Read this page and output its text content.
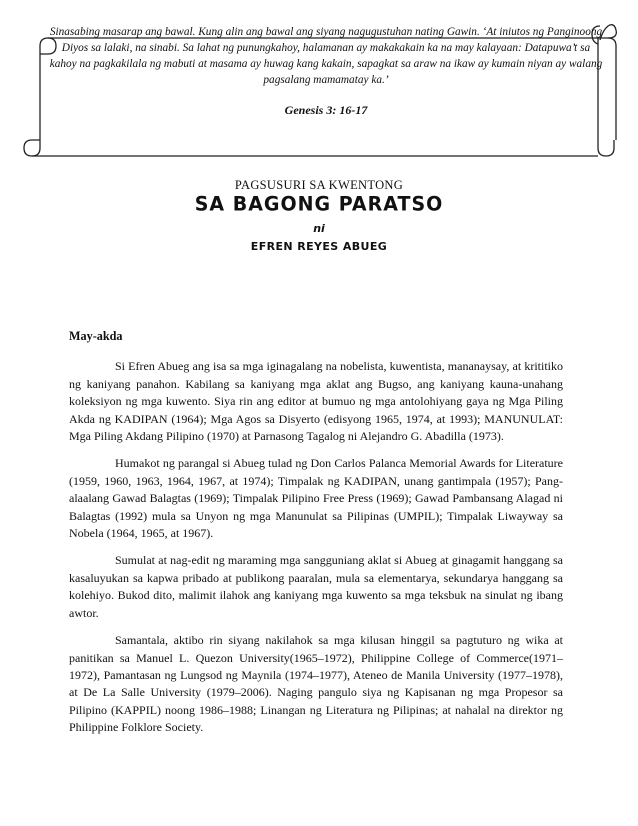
Sinasabing masarap ang bawal. Kung alin ang bawal ang siyang nagugustuhan nating Gawin. ‘At iniutos ng Panginoong Diyos sa lalaki, na sinabi. Sa lahat ng punungkahoy, halamanan ay makakakain ka na may kalayaan: Datapuwa’t sa kahoy na pagkakilala ng mabuti at masama ay huwag kang kakain, sapagkat sa araw na ikaw ay kumain niyan ay walang pagsalang mamamatay ka.’
Genesis 3: 16-17
PAGSUSURI SA KWENTONG
SA BAGONG PARATSO
ni
EFREN REYES ABUEG
May-akda

Si Efren Abueg ang isa sa mga iginagalang na nobelista, kuwentista, mananaysay, at krititiko ng kaniyang panahon. Kabilang sa kaniyang mga aklat ang Bugso, ang kaniyang kauna-unahang koleksiyon ng mga kuwento. Siya rin ang editor at bumuo ng mga antolohiyang gaya ng Mga Piling Akda ng KADIPAN (1964); Mga Agos sa Disyerto (edisyong 1965, 1974, at 1993); MANUNULAT: Mga Piling Akdang Pilipino (1970) at Parnasong Tagalog ni Alejandro G. Abadilla (1973).

Humakot ng parangal si Abueg tulad ng Don Carlos Palanca Memorial Awards for Literature (1959, 1960, 1963, 1964, 1967, at 1974); Timpalak ng KADIPAN, unang gantimpala (1957); Pang-alaalang Gawad Balagtas (1969); Timpalak Pilipino Free Press (1969); Gawad Pambansang Alagad ni Balagtas (1992) mula sa Unyon ng mga Manunulat sa Pilipinas (UMPIL); Timpalak Liwayway sa Nobela (1964, 1965, at 1967).

Sumulat at nag-edit ng maraming mga sangguniang aklat si Abueg at ginagamit hanggang sa kasaluyukan sa kapwa pribado at publikong paaralan, mula sa elementarya, sekundarya hanggang sa kolehiyo. Bukod dito, malimit ilahok ang kaniyang mga kuwento sa mga teksbuk na sinulat ng ibang awtor.

Samantala, aktibo rin siyang nakilahok sa mga kilusan hinggil sa pagtuturo ng wika at panitikan sa Manuel L. Quezon University(1965–1972), Philippine College of Commerce(1971–1972), Pamantasan ng Lungsod ng Maynila (1974–1977), Ateneo de Manila University (1977–1978), at De La Salle University (1979–2006). Naging pangulo siya ng Kapisanan ng mga Propesor sa Pilipino (KAPPIL) noong 1986–1988; Linangan ng Literatura ng Pilipinas; at nahalal na direktor ng Philippine Folklore Society.
